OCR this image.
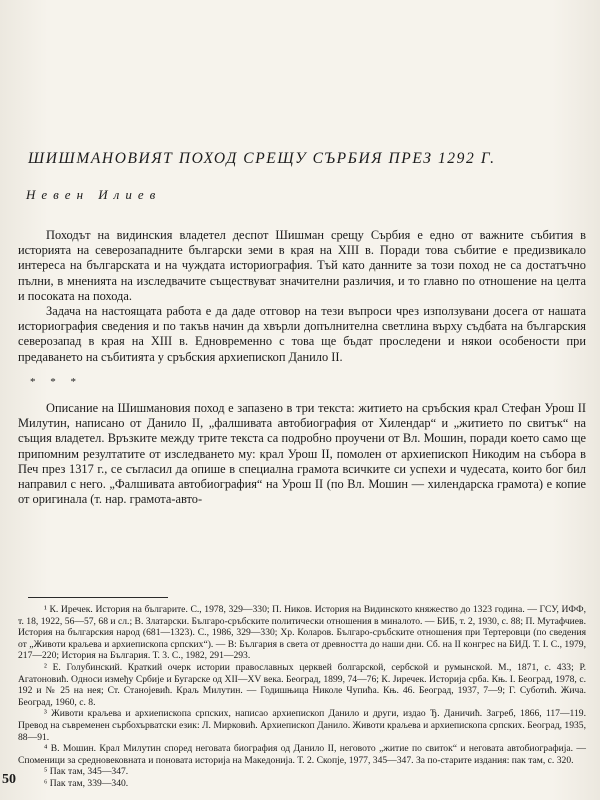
ШИШМАНОВИЯТ ПОХОД СРЕЩУ СЪРБИЯ ПРЕЗ 1292 Г.
Невен Илиев

Походът на видинския владетел деспот Шишман срещу Сърбия е едно от важните събития в историята на северозападните български земи в края на XIII в. Поради това събитие е предизвикало интереса на българската и на чуждата историография. Тъй като данните за този поход не са достатъчно пълни, в мненията на изследвачите съществуват значителни различия, и то главно по отношение на целта и посоката на похода.

Задача на настоящата работа е да даде отговор на тези въпроси чрез използувани досега от нашата историография сведения и по такъв начин да хвърли допълнителна светлина върху съдбата на българския северозапад в края на XIII в. Едновременно с това ще бъдат проследени и някои особености при предаването на събитията у сръбския архиепископ Данило II.

* * *

Описание на Шишмановия поход е запазено в три текста: житието на сръбския крал Стефан Урош II Милутин, написано от Данило II, „фалшивата автобиография от Хилендар“ и „житието по свитък“ на същия владетел. Връзките между трите текста са подробно проучени от Вл. Мошин, поради което само ще припомним резултатите от изследването му: крал Урош II, помолен от архиепископ Никодим на събора в Печ през 1317 г., се съгласил да опише в специална грамота всичките си успехи и чудесата, които бог бил направил с него. „Фалшивата автобиография“ на Урош II (по Вл. Мошин — хилендарска грамота) е копие от оригинала (т. нар. грамота-авто-

¹ К. Иречек. История на българите. С., 1978, 329—330; П. Ников. История на Видинското княжество до 1323 година. — ГСУ, ИФФ, т. 18, 1922, 56—57, 68 и сл.; В. Златарски. Българо-сръбските политически отношения в миналото. — БИБ, т. 2, 1930, с. 88; П. Мутафчиев. История на българския народ (681—1323). С., 1986, 329—330; Хр. Коларов. Българо-сръбските отношения при Тертеровци (по сведения от „Животи краљева и архиепископа српских“). — В: България в света от древността до наши дни. Сб. на II конгрес на БИД. Т. I. С., 1979, 217—220; История на България. Т. 3. С., 1982, 291—293.

² Е. Голубинский. Краткий очерк истории православных церквей болгарской, сербской и румынской. М., 1871, с. 433; Р. Агатоновић. Односи између Србије и Бугарске од XII—XV века. Београд, 1899, 74—76; К. Јиречек. Историја срба. Књ. I. Београд, 1978, с. 192 и № 25 на нея; Ст. Станојевић. Краљ Милутин. — Годишњица Николе Чупића. Књ. 46. Београд, 1937, 7—9; Г. Суботић. Жича. Београд, 1960, с. 8.

³ Животи краљева и архиепископа српских, написао архиепископ Данило и други, издао Ђ. Даничић. Загреб, 1866, 117—119. Превод на съвременен сърбохърватски език: Л. Мирковић. Архиепископ Данило. Животи краљева и архиепископа српских. Београд, 1935, 88—91.

⁴ В. Мошин. Крал Милутин според неговата биография од Данило II, неговото „житие по свиток“ и неговата автобиографија. — Споменици за средновековната и поновата историја на Македонија. Т. 2. Скопје, 1977, 345—347. За по-старите издания: пак там, с. 320.

⁵ Пак там, 345—347.

⁶ Пак там, 339—340.

50
